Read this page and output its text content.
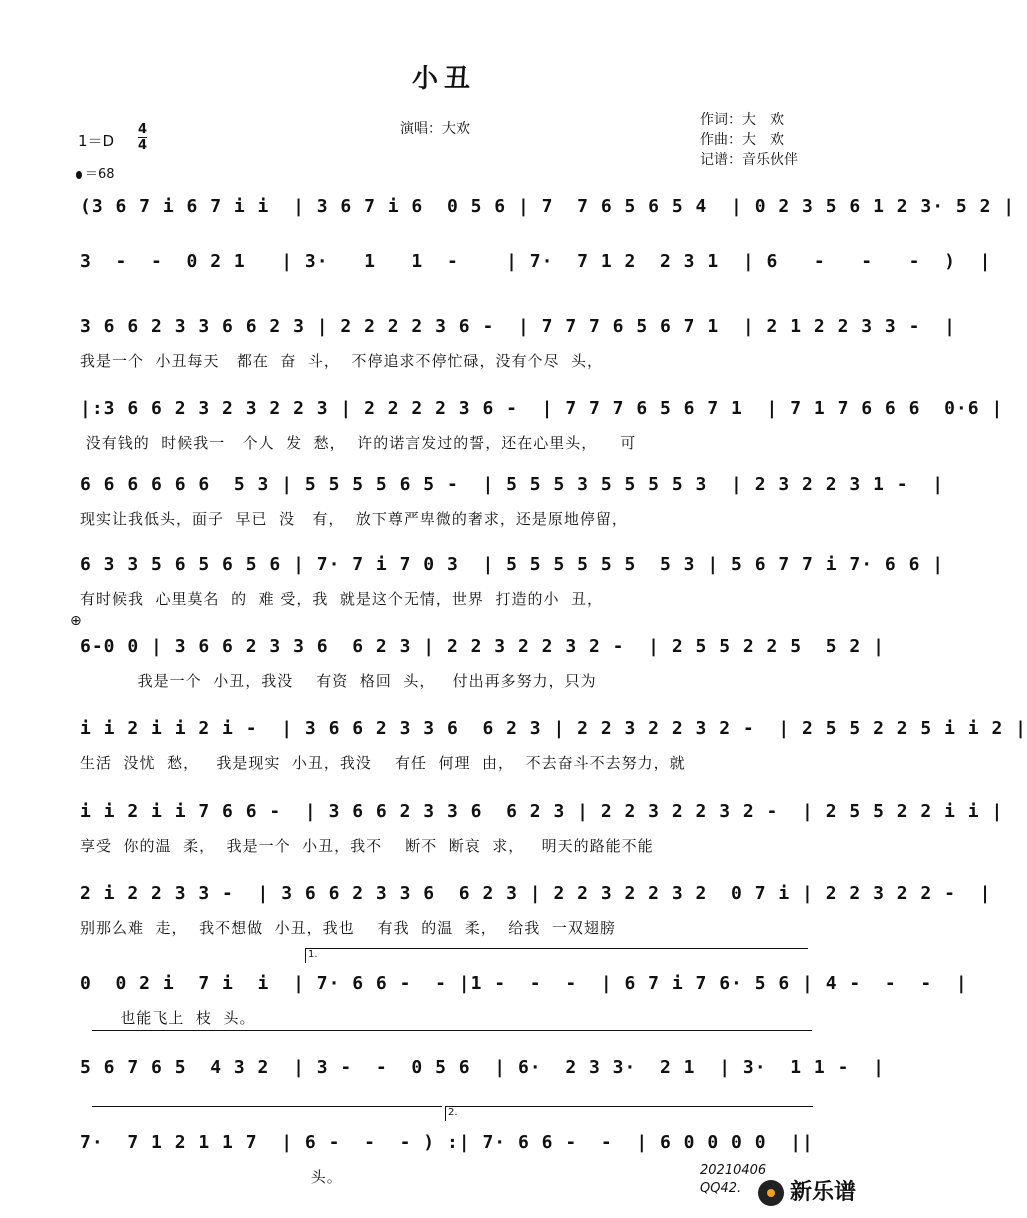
小丑
演唱：大欢
作词：大　欢
作曲：大　欢
记谱：音乐伙伴
1＝D
4
4
＝68
(3 6 7 i 6 7 i i  | 3 6 7 i 6  0 5 6 | 7  7 6 5 6 5 4  | 0 2 3 5 6 1 2 3· 5 2 |
3  -  -  0 2 1   | 3·   1   1  -    | 7·  7 1 2  2 3 1  | 6   -   -   -  )  |
3 6 6 2 3 3 6 6 2 3 | 2 2 2 2 3 6 -  | 7 7 7 6 5 6 7 1  | 2 1 2 2 3 3 -  |
我是一个  小丑每天   都在  奋  斗，  不停追求不停忙碌，没有个尽  头，
|:3 6 6 2 3 2 3 2 2 3 | 2 2 2 2 3 6 -  | 7 7 7 6 5 6 7 1  | 7 1 7 6 6 6  0·6 |
没有钱的  时候我一   个人  发  愁，  许的诺言发过的誓，还在心里头，    可
6 6 6 6 6 6  5 3 | 5 5 5 5 6 5 -  | 5 5 5 3 5 5 5 5 3  | 2 3 2 2 3 1 -  |
现实让我低头，面子  早已  没   有，  放下尊严卑微的奢求，还是原地停留，
6 3 3 5 6 5 6 5 6 | 7· 7 i 7 0 3  | 5 5 5 5 5 5  5 3 | 5 6 7 7 i 7· 6 6 |
有时候我  心里莫名  的  难 受，我  就是这个无情，世界  打造的小  丑，
6-0 0 | 3 6 6 2 3 3 6  6 2 3 | 2 2 3 2 2 3 2 -  | 2 5 5 2 2 5  5 2 |
我是一个  小丑，我没    有资  格回  头，   付出再多努力，只为
i i 2 i i 2 i -  | 3 6 6 2 3 3 6  6 2 3 | 2 2 3 2 2 3 2 -  | 2 5 5 2 2 5 i i 2 |
生活  没忧  愁，   我是现实  小丑，我没    有任  何理  由，  不去奋斗不去努力，就
i i 2 i i 7 6 6 -  | 3 6 6 2 3 3 6  6 2 3 | 2 2 3 2 2 3 2 -  | 2 5 5 2 2 i i |
享受  你的温  柔，  我是一个  小丑，我不    断不  断哀  求，   明天的路能不能
2 i 2 2 3 3 -  | 3 6 6 2 3 3 6  6 2 3 | 2 2 3 2 2 3 2  0 7 i | 2 2 3 2 2 -  |
别那么难  走，  我不想做  小丑，我也    有我  的温  柔，  给我  一双翅膀
0  0 2 i  7 i  i  | 7· 6 6 -  - |1 -  -  -  | 6 7 i 7 6· 5 6 | 4 -  -  -  |
也能飞上  枝  头。
5 6 7 6 5  4 3 2  | 3 -  -  0 5 6  | 6·  2 3 3·  2 1  | 3·  1 1 -  |
7·  7 1 2 1 1 7  | 6 -  -  - ) :| 7· 6 6 -  -  | 6 0 0 0 0  ||
头。
⊕
20210406
QQ42.	新乐谱
1.
2.
